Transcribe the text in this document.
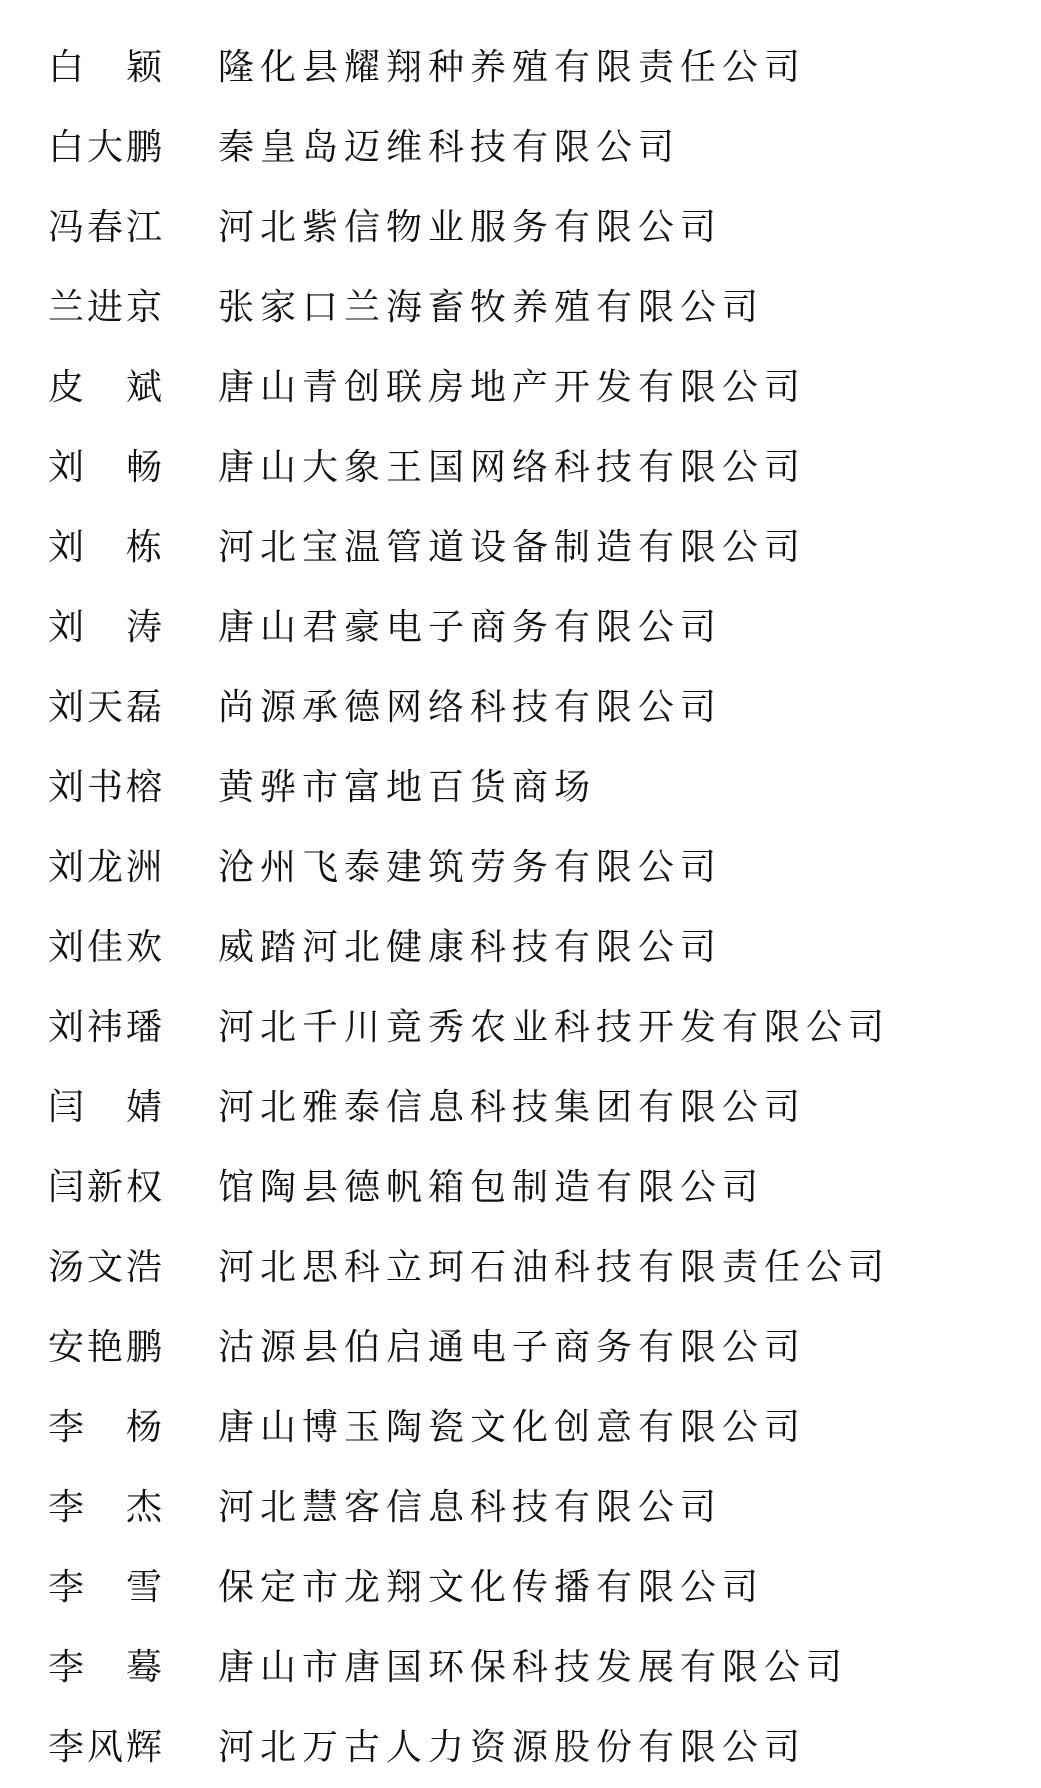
白　颖	隆化县耀翔种养殖有限责任公司
白大鹏	秦皇岛迈维科技有限公司
冯春江	河北紫信物业服务有限公司
兰进京	张家口兰海畜牧养殖有限公司
皮　斌	唐山青创联房地产开发有限公司
刘　畅	唐山大象王国网络科技有限公司
刘　栋	河北宝温管道设备制造有限公司
刘　涛	唐山君豪电子商务有限公司
刘天磊	尚源承德网络科技有限公司
刘书榕	黄骅市富地百货商场
刘龙洲	沧州飞泰建筑劳务有限公司
刘佳欢	威踏河北健康科技有限公司
刘祎璠	河北千川竟秀农业科技开发有限公司
闫　婧	河北雅泰信息科技集团有限公司
闫新权	馆陶县德帆箱包制造有限公司
汤文浩	河北思科立珂石油科技有限责任公司
安艳鹏	沽源县伯启通电子商务有限公司
李　杨	唐山博玉陶瓷文化创意有限公司
李　杰	河北慧客信息科技有限公司
李　雪	保定市龙翔文化传播有限公司
李　蓦	唐山市唐国环保科技发展有限公司
李风辉	河北万古人力资源股份有限公司
